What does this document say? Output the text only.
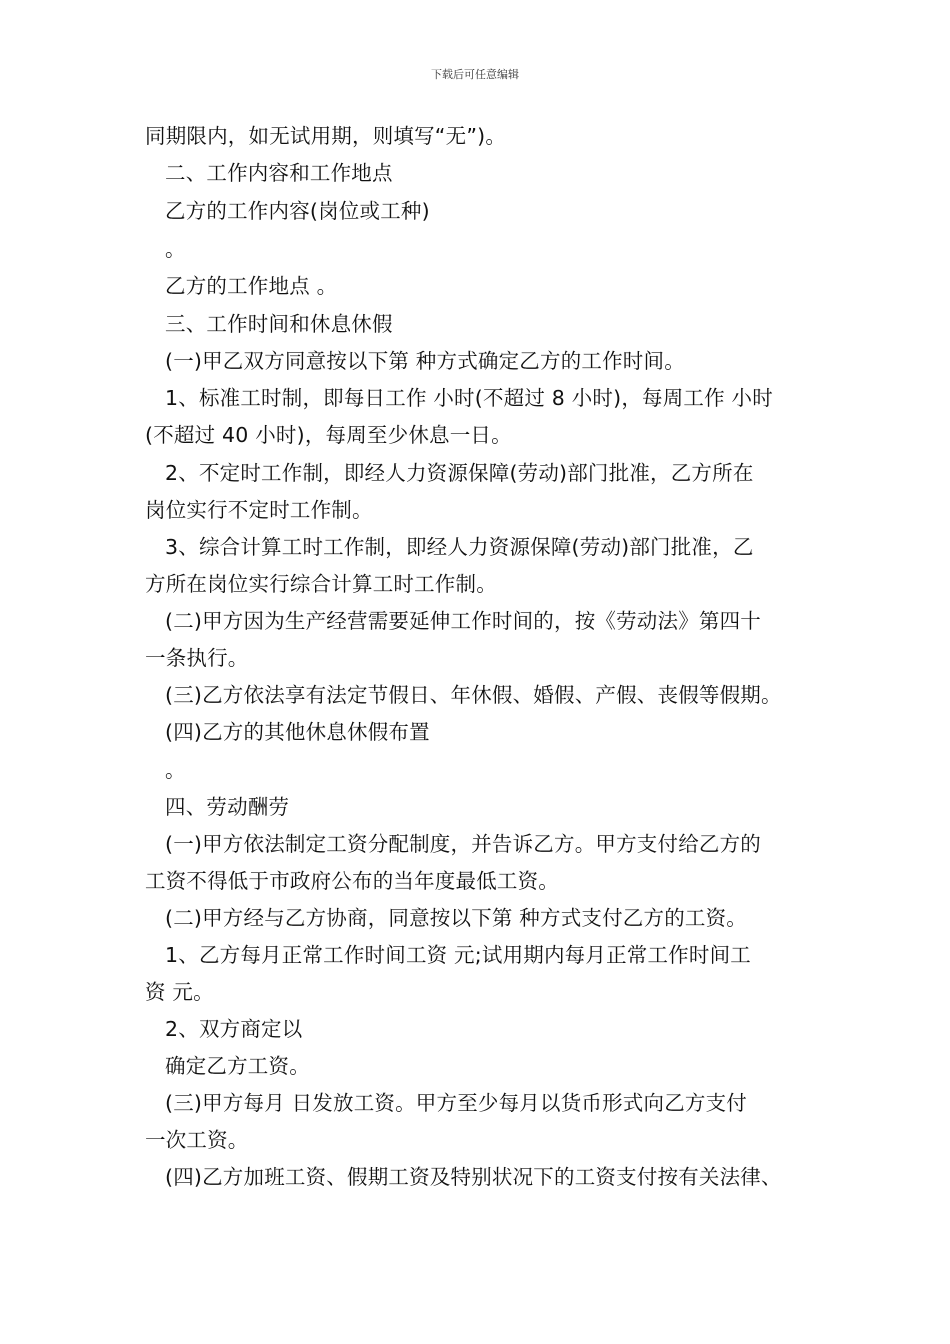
下载后可任意编辑
同期限内，如无试用期，则填写“无”)。
二、工作内容和工作地点
乙方的工作内容(岗位或工种)
。
乙方的工作地点 。
三、工作时间和休息休假
(一)甲乙双方同意按以下第 种方式确定乙方的工作时间。
1、标准工时制，即每日工作 小时(不超过 8 小时)，每周工作 小时
(不超过 40 小时)，每周至少休息一日。
2、不定时工作制，即经人力资源保障(劳动)部门批准，乙方所在
岗位实行不定时工作制。
3、综合计算工时工作制，即经人力资源保障(劳动)部门批准，乙
方所在岗位实行综合计算工时工作制。
(二)甲方因为生产经营需要延伸工作时间的，按《劳动法》第四十
一条执行。
(三)乙方依法享有法定节假日、年休假、婚假、产假、丧假等假期。
(四)乙方的其他休息休假布置
。
四、劳动酬劳
(一)甲方依法制定工资分配制度，并告诉乙方。甲方支付给乙方的
工资不得低于市政府公布的当年度最低工资。
(二)甲方经与乙方协商，同意按以下第 种方式支付乙方的工资。
1、乙方每月正常工作时间工资 元;试用期内每月正常工作时间工
资 元。
2、双方商定以
确定乙方工资。
(三)甲方每月 日发放工资。甲方至少每月以货币形式向乙方支付
一次工资。
(四)乙方加班工资、假期工资及特别状况下的工资支付按有关法律、
